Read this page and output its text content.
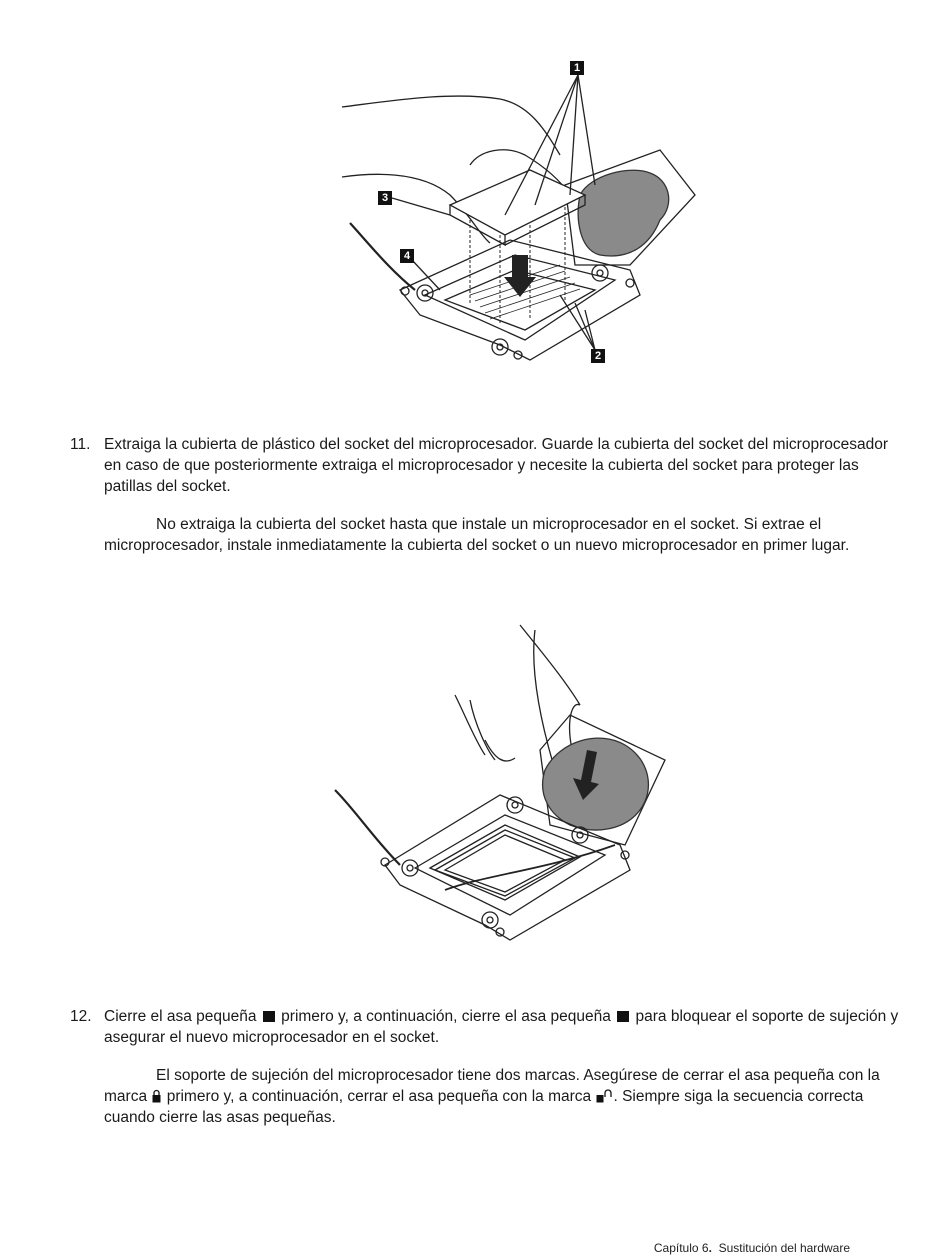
1
2
3
4
11. Extraiga la cubierta de plástico del socket del microprocesador. Guarde la cubierta del socket del microprocesador en caso de que posteriormente extraiga el microprocesador y necesite la cubierta del socket para proteger las patillas del socket.
No extraiga la cubierta del socket hasta que instale un microprocesador en el socket. Si extrae el microprocesador, instale inmediatamente la cubierta del socket o un nuevo microprocesador en primer lugar.
12. Cierre el asa pequeña primero y, a continuación, cierre el asa pequeña para bloquear el soporte de sujeción y asegurar el nuevo microprocesador en el socket.
El soporte de sujeción del microprocesador tiene dos marcas. Asegúrese de cerrar el asa pequeña con la marca primero y, a continuación, cerrar el asa pequeña con la marca . Siempre siga la secuencia correcta cuando cierre las asas pequeñas.
Capítulo 6. Sustitución del hardware
